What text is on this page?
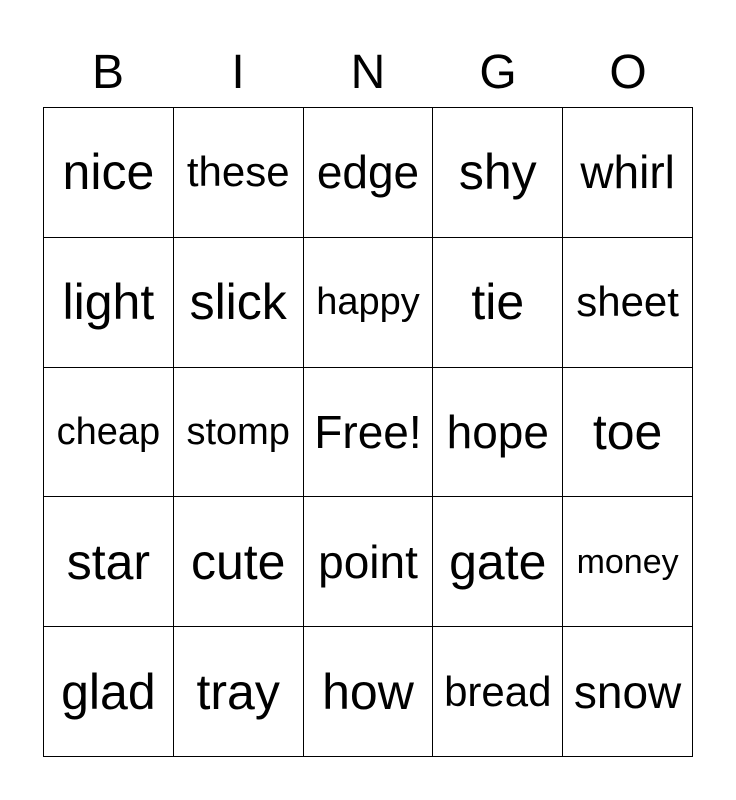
B	I	N	G	O
nice these edge shy whirl
light slick happy	tie	sheet
cheap stomp Free! hope toe
star cute point gate money
glad tray how bread snow
